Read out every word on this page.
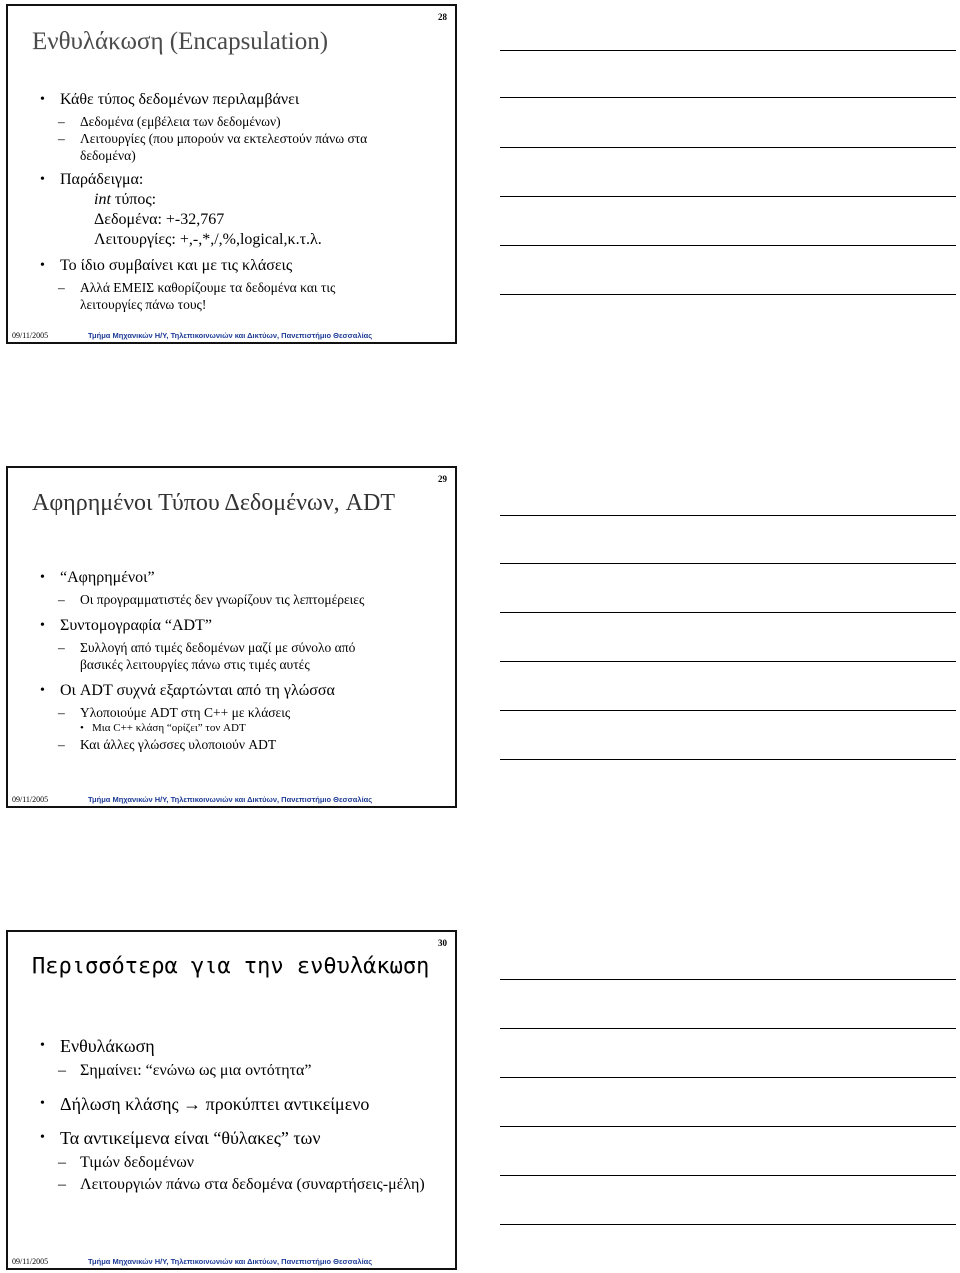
28
Ενθυλάκωση (Encapsulation)
• Κάθε τύπος δεδομένων περιλαμβάνει
– Δεδομένα (εμβέλεια των δεδομένων)
– Λειτουργίες (που μπορούν να εκτελεστούν πάνω στα δεδομένα)
• Παράδειγμα:
int τύπος:
Δεδομένα: +-32,767
Λειτουργίες: +,-,*,/,%,logical,κ.τ.λ.
• Το ίδιο συμβαίνει και με τις κλάσεις
– Αλλά ΕΜΕΙΣ καθορίζουμε τα δεδομένα και τις λειτουργίες πάνω τους!
09/11/2005	Τμήμα Μηχανικών Η/Υ, Τηλεπικοινωνιών και Δικτύων, Πανεπιστήμιο Θεσσαλίας
29
Αφηρημένοι Τύπου Δεδομένων, ADT
• “Αφηρημένοι”
– Οι προγραμματιστές δεν γνωρίζουν τις λεπτομέρειες
• Συντομογραφία “ADT”
– Συλλογή από τιμές δεδομένων μαζί με σύνολο από βασικές λειτουργίες πάνω στις τιμές αυτές
• Οι ADT συχνά εξαρτώνται από τη γλώσσα
– Υλοποιούμε ADT στη C++ με κλάσεις
• Μια C++ κλάση “ορίζει” τον ADT
– Και άλλες γλώσσες υλοποιούν ADT
09/11/2005	Τμήμα Μηχανικών Η/Υ, Τηλεπικοινωνιών και Δικτύων, Πανεπιστήμιο Θεσσαλίας
30
Περισσότερα για την ενθυλάκωση
• Ενθυλάκωση
– Σημαίνει: “ενώνω ως μια οντότητα”
• Δήλωση κλάσης → προκύπτει αντικείμενο
• Τα αντικείμενα είναι “θύλακες” των
– Τιμών δεδομένων
– Λειτουργιών πάνω στα δεδομένα (συναρτήσεις-μέλη)
09/11/2005	Τμήμα Μηχανικών Η/Υ, Τηλεπικοινωνιών και Δικτύων, Πανεπιστήμιο Θεσσαλίας
